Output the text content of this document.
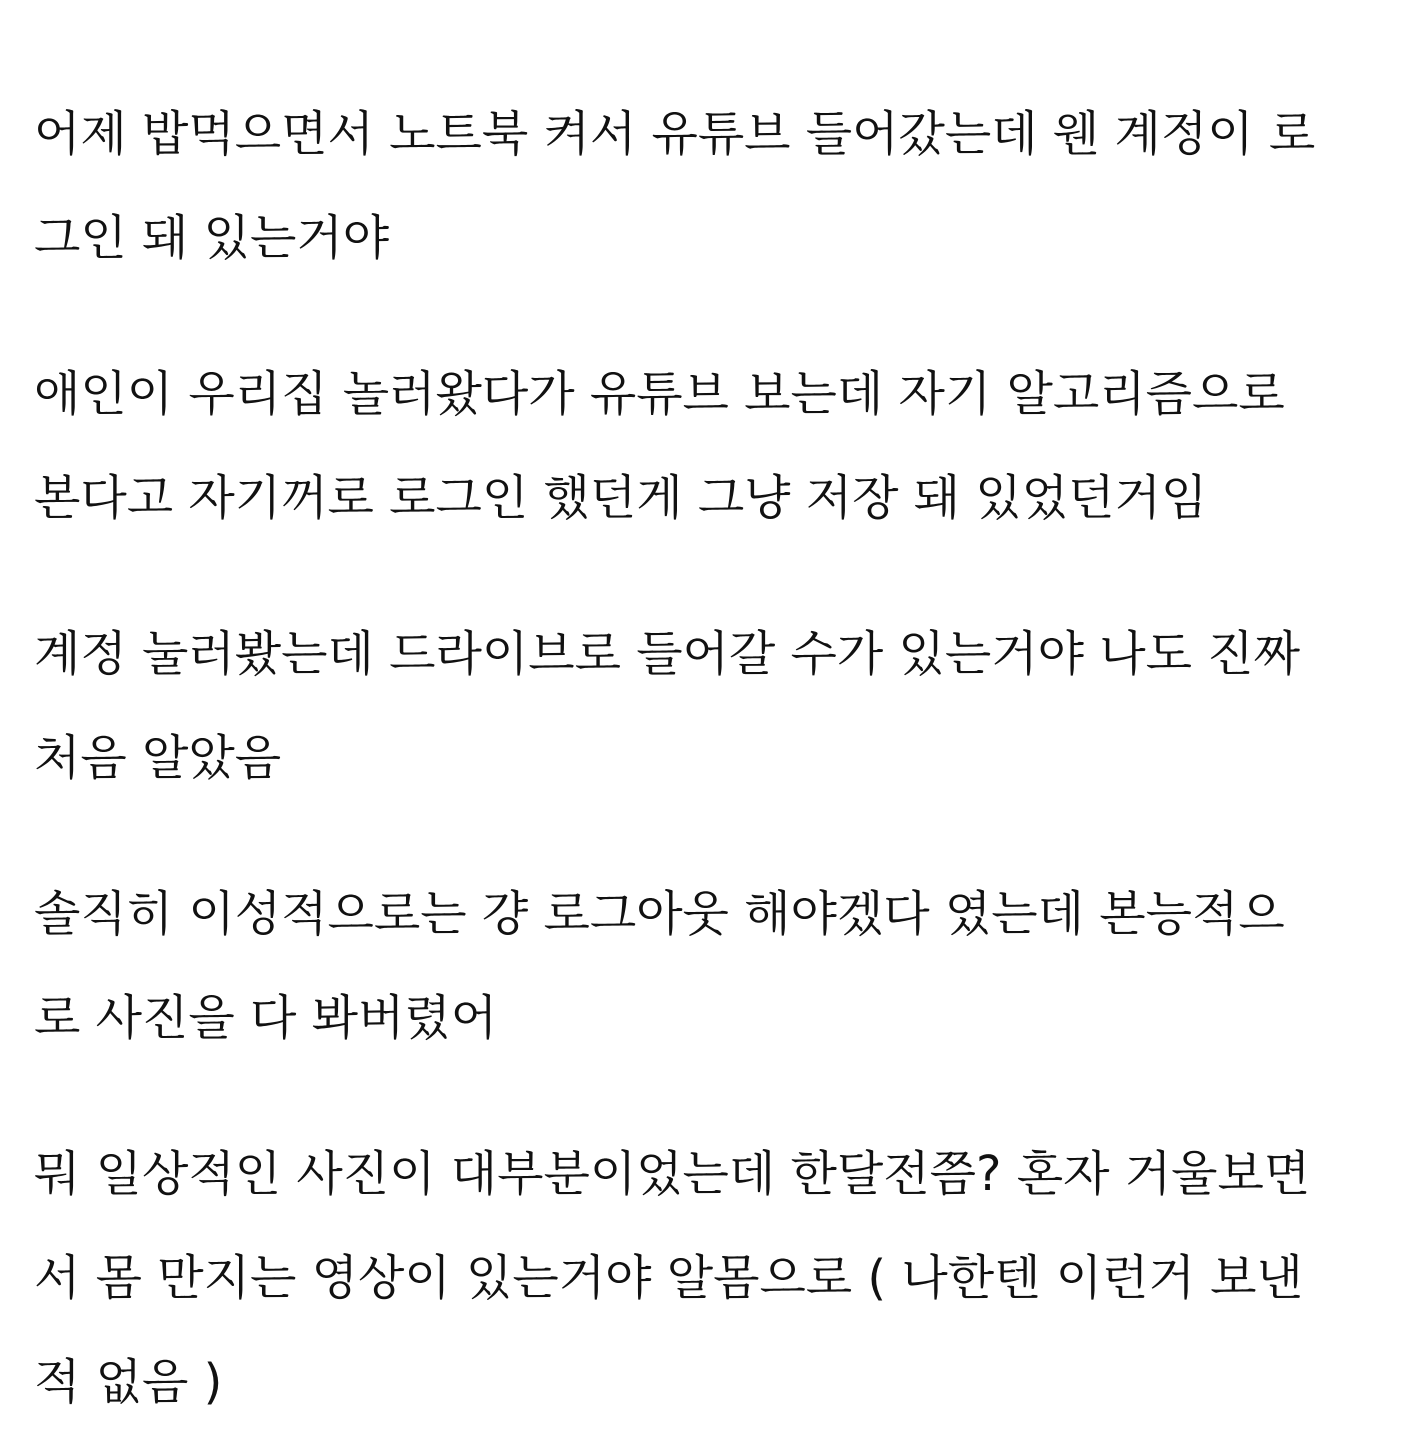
어제 밥먹으면서 노트북 켜서 유튜브 들어갔는데 웬 계정이 로
그인 돼 있는거야
애인이 우리집 놀러왔다가 유튜브 보는데 자기 알고리즘으로
본다고 자기꺼로 로그인 했던게 그냥 저장 돼 있었던거임
계정 눌러봤는데 드라이브로 들어갈 수가 있는거야 나도 진짜
처음 알았음
솔직히 이성적으로는 걍 로그아웃 해야겠다 였는데 본능적으
로 사진을 다 봐버렸어
뭐 일상적인 사진이 대부분이었는데 한달전쯤? 혼자 거울보면
서 몸 만지는 영상이 있는거야 알몸으로 ( 나한텐 이런거 보낸
적 없음 )
